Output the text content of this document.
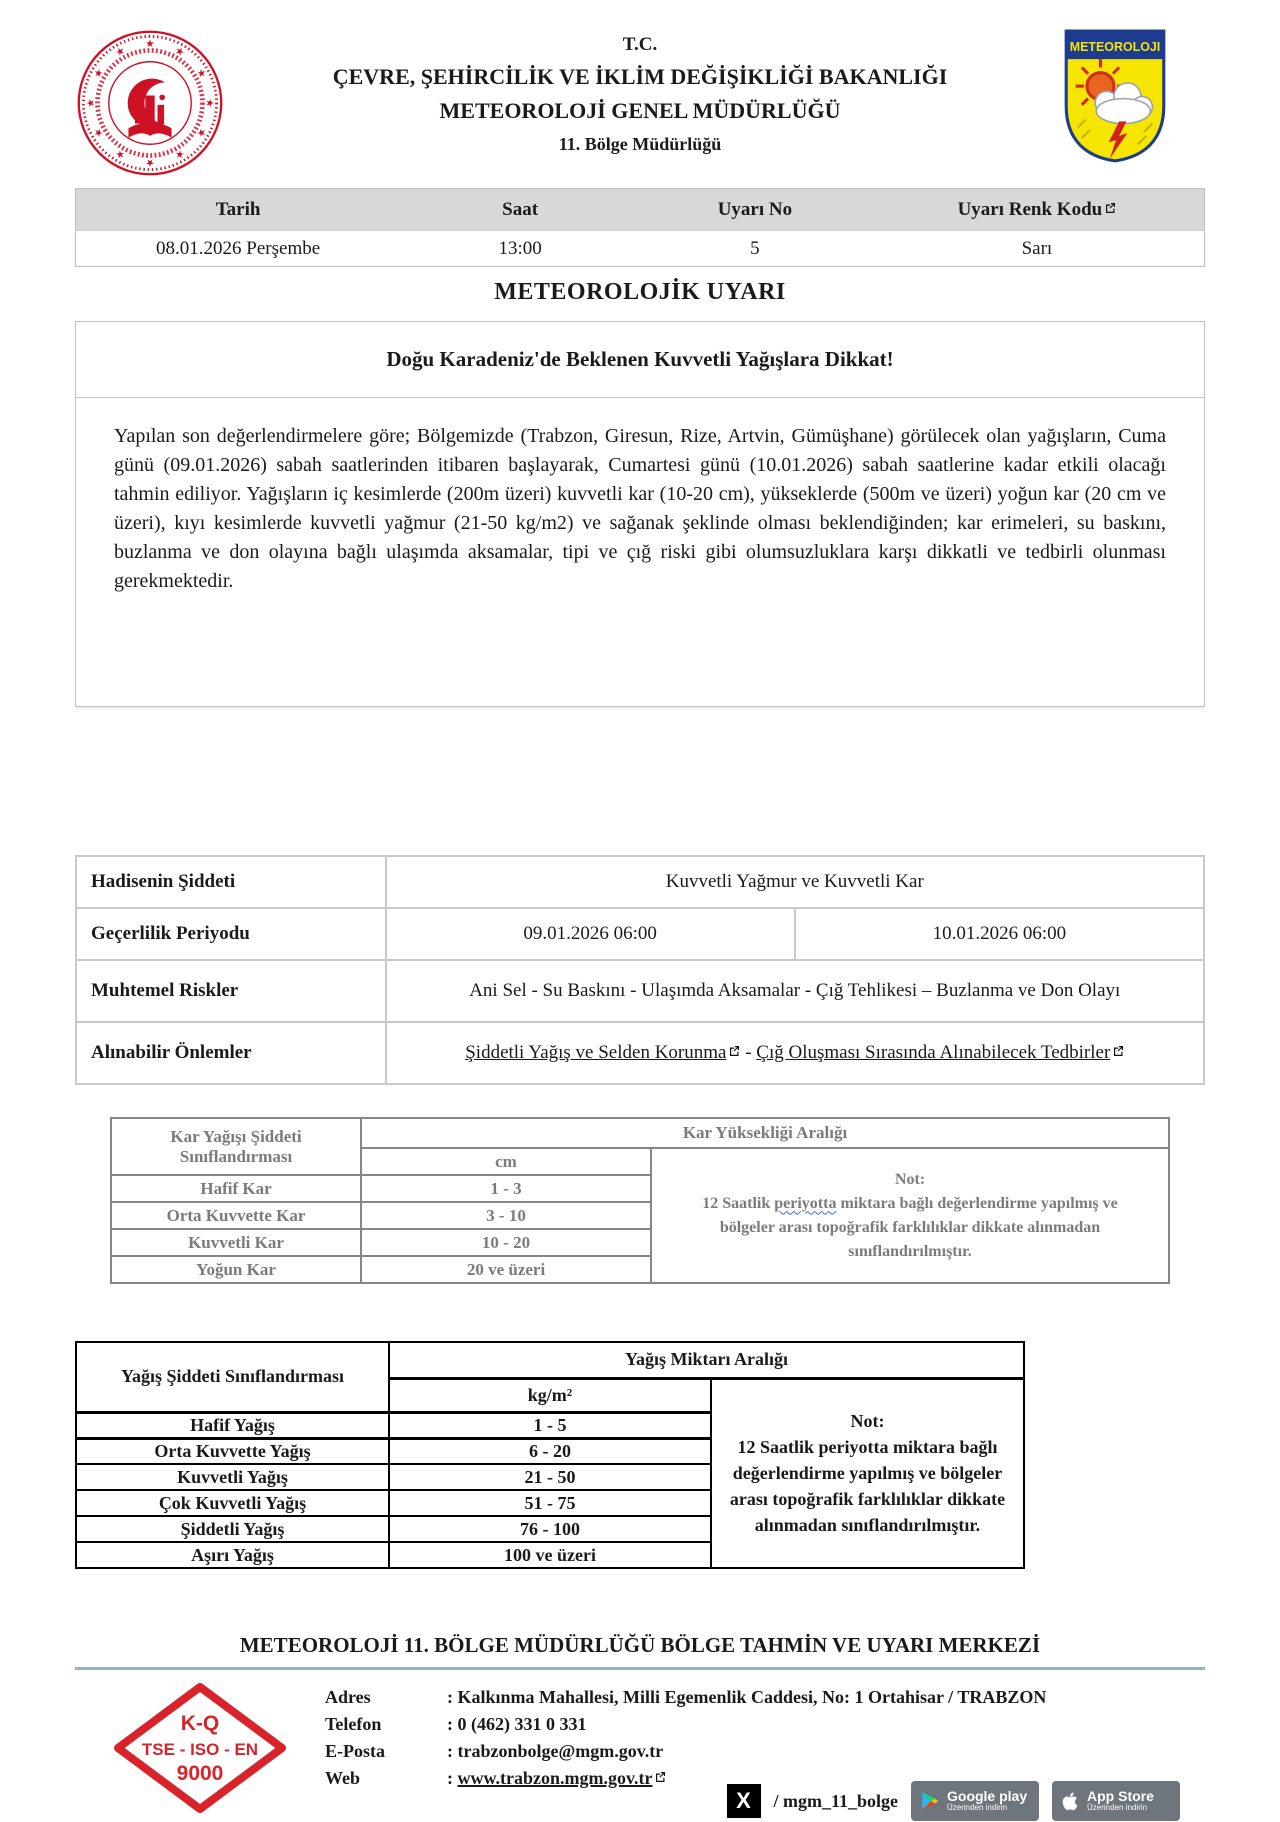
★
★
★
★
★
★
★
★
★
★
★
★	T.C.
ÇEVRE, ŞEHİRCİLİK VE İKLİM DEĞİŞİKLİĞİ BAKANLIĞI
METEOROLOJİ GENEL MÜDÜRLÜĞÜ
11. Bölge Müdürlüğü
METEOROLOJI
Tarih	Saat	Uyarı No	Uyarı Renk Kodu
08.01.2026 Perşembe	13:00	5	Sarı
METEOROLOJİK UYARI
Doğu Karadeniz'de Beklenen Kuvvetli Yağışlara Dikkat!
Yapılan son değerlendirmelere göre; Bölgemizde (Trabzon, Giresun, Rize, Artvin, Gümüşhane) görülecek olan yağışların, Cuma günü (09.01.2026) sabah saatlerinden itibaren başlayarak, Cumartesi günü (10.01.2026) sabah saatlerine kadar etkili olacağı tahmin ediliyor. Yağışların iç kesimlerde (200m üzeri) kuvvetli kar (10-20 cm), yükseklerde (500m ve üzeri) yoğun kar (20 cm ve üzeri), kıyı kesimlerde kuvvetli yağmur (21-50 kg/m2) ve sağanak şeklinde olması beklendiğinden; kar erimeleri, su baskını, buzlanma ve don olayına bağlı ulaşımda aksamalar, tipi ve çığ riski gibi olumsuzluklara karşı dikkatli ve tedbirli olunması gerekmektedir.
Hadisenin Şiddeti	Kuvvetli Yağmur ve Kuvvetli Kar	
Geçerlilik Periyodu	09.01.2026 06:00	10.01.2026 06:00
Muhtemel Riskler	Ani Sel - Su Baskını - Ulaşımda Aksamalar - Çığ Tehlikesi – Buzlanma ve Don Olayı	
Alınabilir Önlemler	Şiddetli Yağış ve Selden Korunma - Çığ Oluşması Sırasında Alınabilecek Tedbirler	
Kar Yağışı Şiddeti Sınıflandırması	Kar Yüksekliği Aralığı	
	cm	Not:
12 Saatlik periyotta miktara bağlı değerlendirme yapılmış ve bölgeler arası topoğrafik farklılıklar dikkate alınmadan sınıflandırılmıştır.

Hafif Kar	1 - 3	
Orta Kuvvette Kar	3 - 10	
Kuvvetli Kar	10 - 20	
Yoğun Kar	20 ve üzeri	
Yağış Şiddeti Sınıflandırması	Yağış Miktarı Aralığı	
	kg/m²	Not:
12 Saatlik periyotta miktara bağlı değerlendirme yapılmış ve bölgeler arası topoğrafik farklılıklar dikkate alınmadan sınıflandırılmıştır.

Hafif Yağış	1 - 5	
Orta Kuvvette Yağış	6 - 20	
Kuvvetli Yağış	21 - 50	
Çok Kuvvetli Yağış	51 - 75	
Şiddetli Yağış	76 - 100	
Aşırı Yağış	100 ve üzeri	
METEOROLOJİ 11. BÖLGE MÜDÜRLÜĞÜ BÖLGE TAHMİN VE UYARI MERKEZİ
K-Q
TSE - ISO - EN
9000
Adres	: Kalkınma Mahallesi, Milli Egemenlik Caddesi, No: 1 Ortahisar / TRABZON
Telefon	: 0 (462) 331 0 331
E-Posta	: trabzonbolge@mgm.gov.tr
Web	: www.trabzon.mgm.gov.tr
X	/ mgm_11_bolge	Google play
Üzerinden indirin
App Store
Üzerinden indirin
